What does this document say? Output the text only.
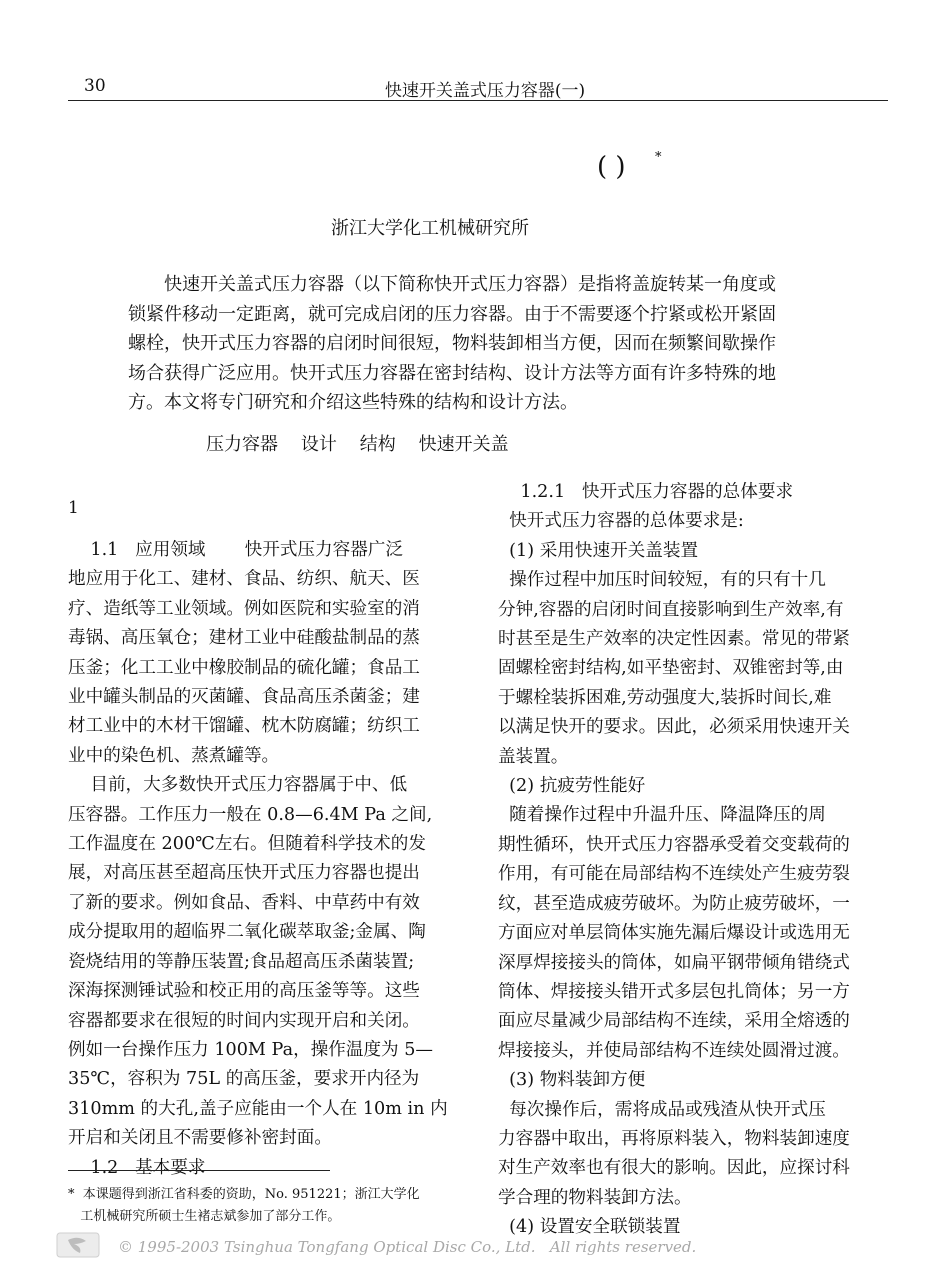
30	快速开关盖式压力容器(一)
( ) *
浙江大学化工机械研究所
快速开关盖式压力容器（以下简称快开式压力容器）是指将盖旋转某一角度或
锁紧件移动一定距离，就可完成启闭的压力容器。由于不需要逐个拧紧或松开紧固
螺栓，快开式压力容器的启闭时间很短，物料装卸相当方便，因而在频繁间歇操作
场合获得广泛应用。快开式压力容器在密封结构、设计方法等方面有许多特殊的地
方。本文将专门研究和介绍这些特殊的结构和设计方法。
压力容器    设计    结构    快速开关盖
1
1.1   应用领域       快开式压力容器广泛
地应用于化工、建材、食品、纺织、航天、医
疗、造纸等工业领域。例如医院和实验室的消
毒锅、高压氧仓；建材工业中硅酸盐制品的蒸
压釜；化工工业中橡胶制品的硫化罐；食品工
业中罐头制品的灭菌罐、食品高压杀菌釜；建
材工业中的木材干馏罐、枕木防腐罐；纺织工
业中的染色机、蒸煮罐等。
目前，大多数快开式压力容器属于中、低
压容器。工作压力一般在 0.8—6.4M Pa 之间,
工作温度在 200℃左右。但随着科学技术的发
展，对高压甚至超高压快开式压力容器也提出
了新的要求。例如食品、香料、中草药中有效
成分提取用的超临界二氧化碳萃取釜;金属、陶
瓷烧结用的等静压装置;食品超高压杀菌装置;
深海探测锤试验和校正用的高压釜等等。这些
容器都要求在很短的时间内实现开启和关闭。
例如一台操作压力 100M Pa，操作温度为 5—
35℃，容积为 75L 的高压釜，要求开内径为
310mm 的大孔,盖子应能由一个人在 10m in 内
开启和关闭且不需要修补密封面。
1.2   基本要求
1.2.1   快开式压力容器的总体要求
快开式压力容器的总体要求是:
(1) 采用快速开关盖装置
操作过程中加压时间较短，有的只有十几
分钟,容器的启闭时间直接影响到生产效率,有
时甚至是生产效率的决定性因素。常见的带紧
固螺栓密封结构,如平垫密封、双锥密封等,由
于螺栓装拆困难,劳动强度大,装拆时间长,难
以满足快开的要求。因此，必须采用快速开关
盖装置。
(2) 抗疲劳性能好
随着操作过程中升温升压、降温降压的周
期性循环，快开式压力容器承受着交变载荷的
作用，有可能在局部结构不连续处产生疲劳裂
纹，甚至造成疲劳破坏。为防止疲劳破坏，一
方面应对单层筒体实施先漏后爆设计或选用无
深厚焊接接头的筒体，如扁平钢带倾角错绕式
筒体、焊接接头错开式多层包扎筒体；另一方
面应尽量减少局部结构不连续，采用全熔透的
焊接接头，并使局部结构不连续处圆滑过渡。
(3) 物料装卸方便
每次操作后，需将成品或残渣从快开式压
力容器中取出，再将原料装入，物料装卸速度
对生产效率也有很大的影响。因此，应探讨科
学合理的物料装卸方法。
(4) 设置安全联锁装置
*  本课题得到浙江省科委的资助，No. 951221；浙江大学化
工机械研究所硕士生褚志斌参加了部分工作。
© 1995-2003 Tsinghua Tongfang Optical Disc Co., Ltd.   All rights reserved.
